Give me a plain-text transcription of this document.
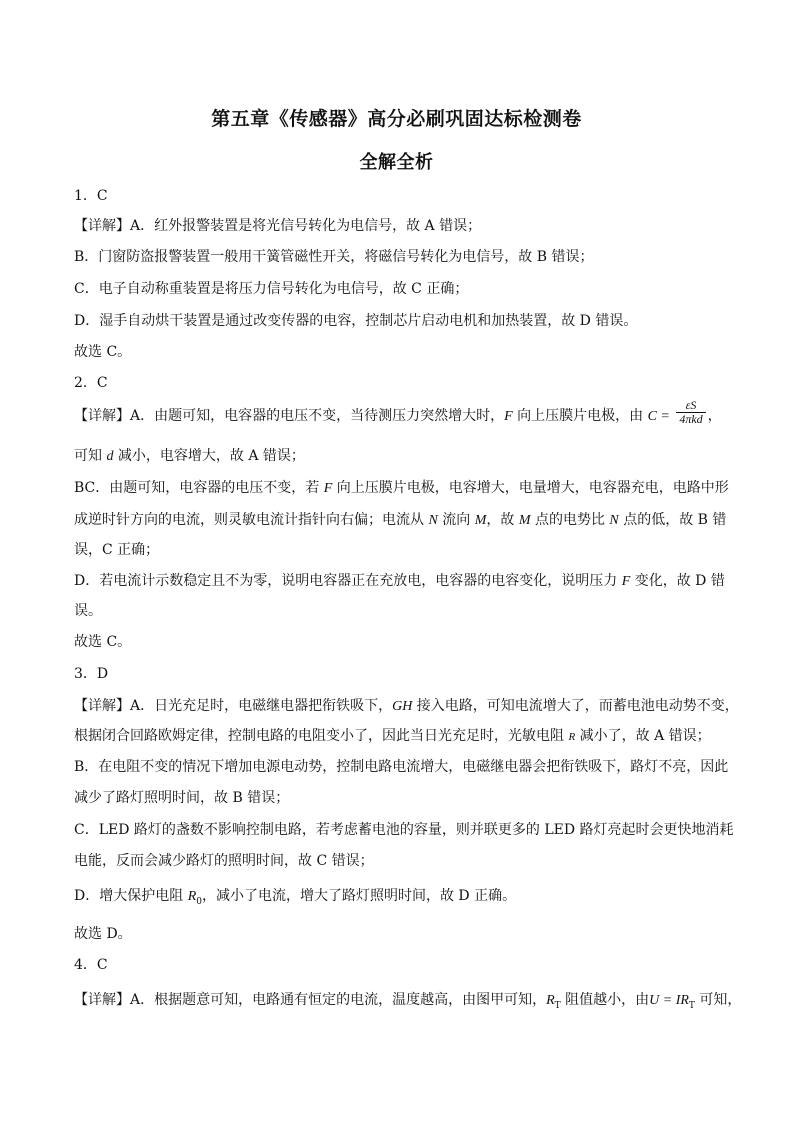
第五章《传感器》高分必刷巩固达标检测卷
全解全析
1．C
【详解】A．红外报警装置是将光信号转化为电信号，故 A 错误；
B．门窗防盗报警装置一般用干簧管磁性开关，将磁信号转化为电信号，故 B 错误；
C．电子自动称重装置是将压力信号转化为电信号，故 C 正确；
D．湿手自动烘干装置是通过改变传器的电容，控制芯片启动电机和加热装置，故 D 错误。
故选 C。
2．C
【详解】A．由题可知，电容器的电压不变，当待测压力突然增大时，F 向上压膜片电极，由 $C = \frac{\varepsilon S}{\text{4πkd}}$ ，
可知 d 减小，电容增大，故 A 错误；
BC．由题可知，电容器的电压不变，若 F 向上压膜片电极，电容增大，电量增大，电容器充电，电路中形
成逆时针方向的电流，则灵敏电流计指针向右偏；电流从 N 流向 M，故 M 点的电势比 N 点的低，故 B 错
误，C 正确；
D．若电流计示数稳定且不为零，说明电容器正在充放电，电容器的电容变化，说明压力 F 变化，故 D 错
误。
故选 C。
3．D
【详解】A．日光充足时，电磁继电器把衔铁吸下，GH 接入电路，可知电流增大了，而蓄电池电动势不变，
根据闭合回路欧姆定律，控制电路的电阻变小了，因此当日光充足时，光敏电阻 R 减小了，故 A 错误；
B．在电阻不变的情况下增加电源电动势，控制电路电流增大，电磁继电器会把衔铁吸下，路灯不亮，因此
减少了路灯照明时间，故 B 错误；
C．LED 路灯的盏数不影响控制电路，若考虑蓄电池的容量，则并联更多的 LED 路灯亮起时会更快地消耗
电能，反而会减少路灯的照明时间，故 C 错误；
D．增大保护电阻 $R_0$，减小了电流，增大了路灯照明时间，故 D 正确。
故选 D。
4．C
【详解】A．根据题意可知，电路通有恒定的电流，温度越高，由图甲可知，$R_T$ 阻值越小，由$U = IR_T$ 可知，
